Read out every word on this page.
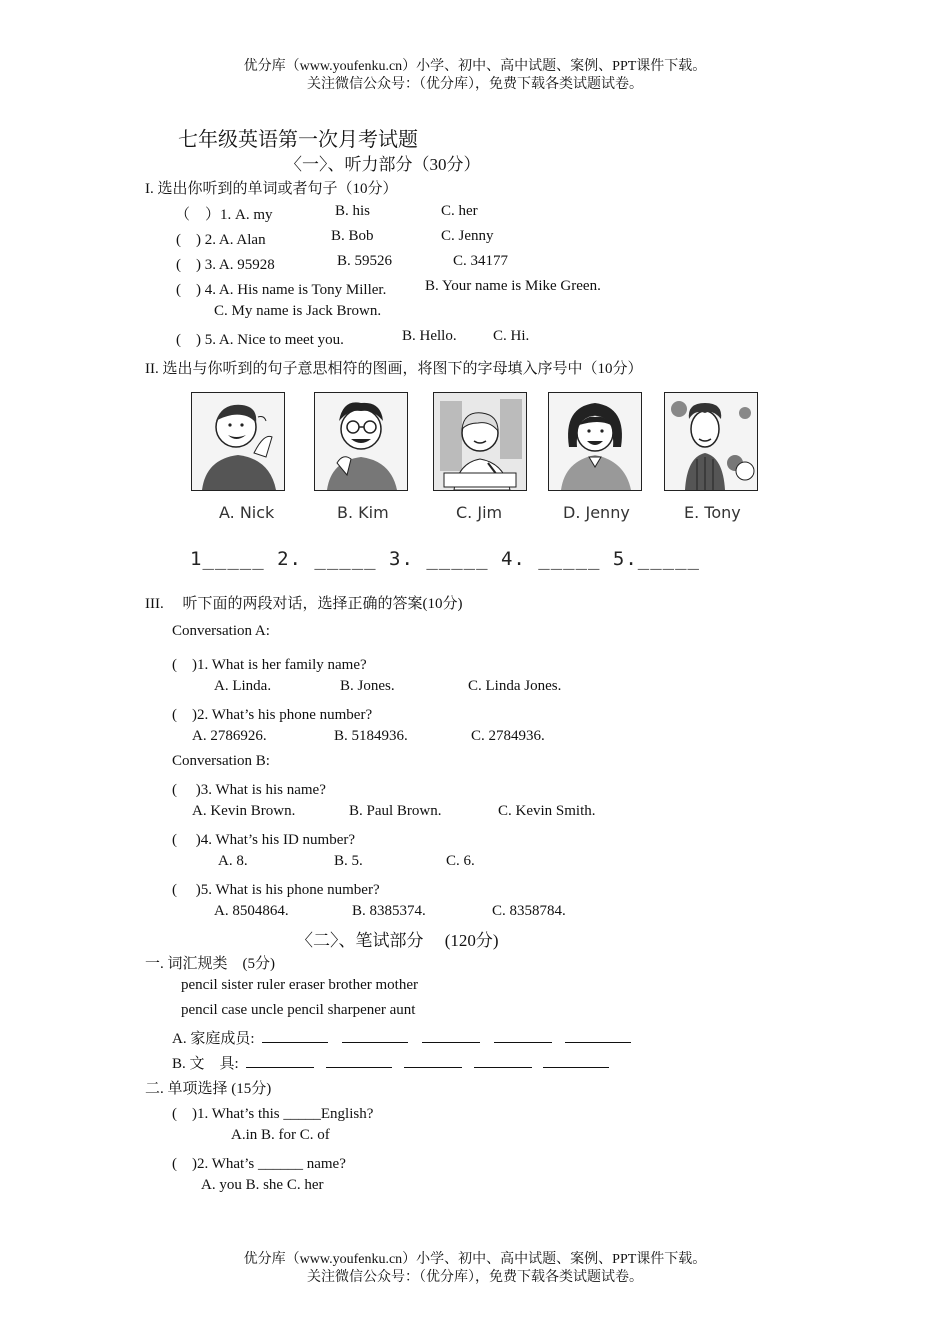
优分库（www.youfenku.cn）小学、初中、高中试题、案例、PPT课件下载。
关注微信公众号：（优分库），免费下载各类试题试卷。
七年级英语第一次月考试题
〈一〉、听力部分（30分）
I. 选出你听到的单词或者句子（10分）
（　）1. A. my	B. his	C. her
(　) 2. A. Alan	B. Bob	C. Jenny
(　) 3. A. 95928	B. 59526	C. 34177
(　) 4. A. His name is Tony Miller.	B. Your name is Mike Green.
C. My name is Jack Brown.
(　) 5. A. Nice to meet you.	B. Hello. C. Hi.
II. 选出与你听到的句子意思相符的图画，将图下的字母填入序号中（10分）
A. Nick	B. Kim	C. Jim	D. Jenny	E. Tony
1_____ 2. _____ 3. _____ 4. _____ 5._____
III.　 听下面的两段对话，选择正确的答案(10分)
Conversation A:
(　)1. What is her family name?
A. Linda.	B. Jones.	C. Linda Jones.
(　)2. What’s his phone number?
A. 2786926.	B. 5184936.	C. 2784936.
Conversation B:
(　 )3. What is his name?
A. Kevin Brown.	B. Paul Brown.	C. Kevin Smith.
(　 )4. What’s his ID number?
A. 8.	B. 5.	C. 6.
(　 )5. What is his phone number?
A. 8504864.	B. 8385374.	C. 8358784.
〈二〉、笔试部分　 (120分)
一. 词汇规类　(5分)
pencil sister ruler eraser brother mother
pencil case uncle pencil sharpener aunt
A. 家庭成员:
B. 文　具:
二. 单项选择 (15分)
(　)1. What’s this _____English?
A.in B. for C. of
(　)2. What’s ______ name?
A. you B. she C. her
优分库（www.youfenku.cn）小学、初中、高中试题、案例、PPT课件下载。
关注微信公众号：（优分库），免费下载各类试题试卷。
